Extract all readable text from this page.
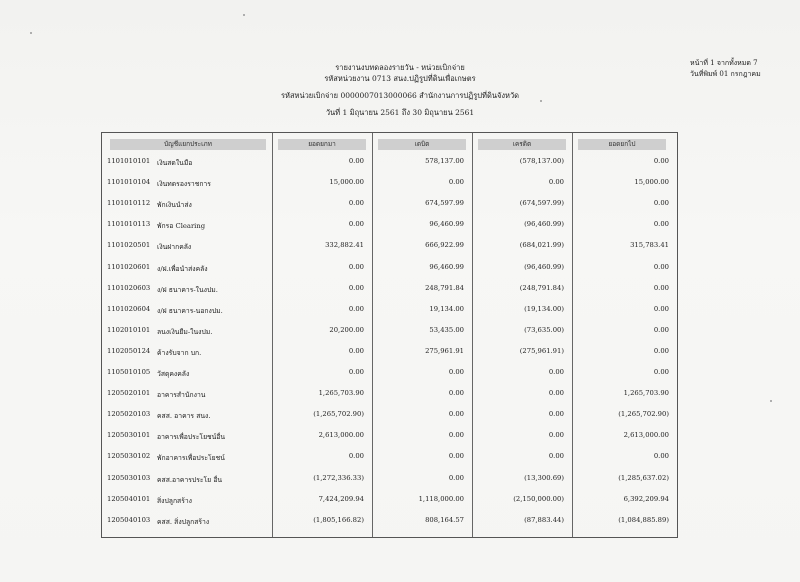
รายงานงบทดลองรายวัน - หน่วยเบิกจ่าย
รหัสหน่วยงาน 0713 สนง.ปฏิรูปที่ดินเพื่อเกษตร
รหัสหน่วยเบิกจ่าย 0000007013000066 สำนักงานการปฏิรูปที่ดินจังหวัด
วันที่ 1 มิถุนายน 2561 ถึง 30 มิถุนายน 2561
หน้าที่ 1 จากทั้งหมด 7
วันที่พิมพ์ 01 กรกฎาคม
บัญชีแยกประเภท	ยอดยกมา	เดบิต	เครดิต	ยอดยกไป
1101010101 เงินสดในมือ	0.00	578,137.00	(578,137.00)	0.00
1101010104 เงินทดรองราชการ	15,000.00	0.00	0.00	15,000.00
1101010112 พักเงินนำส่ง	0.00	674,597.99	(674,597.99)	0.00
1101010113 พักรอ Clearing	0.00	96,460.99	(96,460.99)	0.00
1101020501 เงินฝากคลัง	332,882.41	666,922.99	(684,021.99)	315,783.41
1101020601 ง/ฝ.เพื่อนำส่งคลัง	0.00	96,460.99	(96,460.99)	0.00
1101020603 ง/ฝ ธนาคาร-ในงปม.	0.00	248,791.84	(248,791.84)	0.00
1101020604 ง/ฝ ธนาคาร-นอกงปม.	0.00	19,134.00	(19,134.00)	0.00
1102010101 ลนงเงินยืม-ในงปม.	20,200.00	53,435.00	(73,635.00)	0.00
1102050124 ค้างรับจาก บก.	0.00	275,961.91	(275,961.91)	0.00
1105010105 วัสดุคงคลัง	0.00	0.00	0.00	0.00
1205020101 อาคารสำนักงาน	1,265,703.90	0.00	0.00	1,265,703.90
1205020103 คสส. อาคาร สนง.	(1,265,702.90)	0.00	0.00	(1,265,702.90)
1205030101 อาคารเพื่อประโยชน์อื่น	2,613,000.00	0.00	0.00	2,613,000.00
1205030102 พักอาคารเพื่อประโยชน์	0.00	0.00	0.00	0.00
1205030103 คสส.อาคารประโย อื่น	(1,272,336.33)	0.00	(13,300.69)	(1,285,637.02)
1205040101 สิ่งปลูกสร้าง	7,424,209.94	1,118,000.00	(2,150,000.00)	6,392,209.94
1205040103 คสส. สิ่งปลูกสร้าง	(1,805,166.82)	808,164.57	(87,883.44)	(1,084,885.89)
